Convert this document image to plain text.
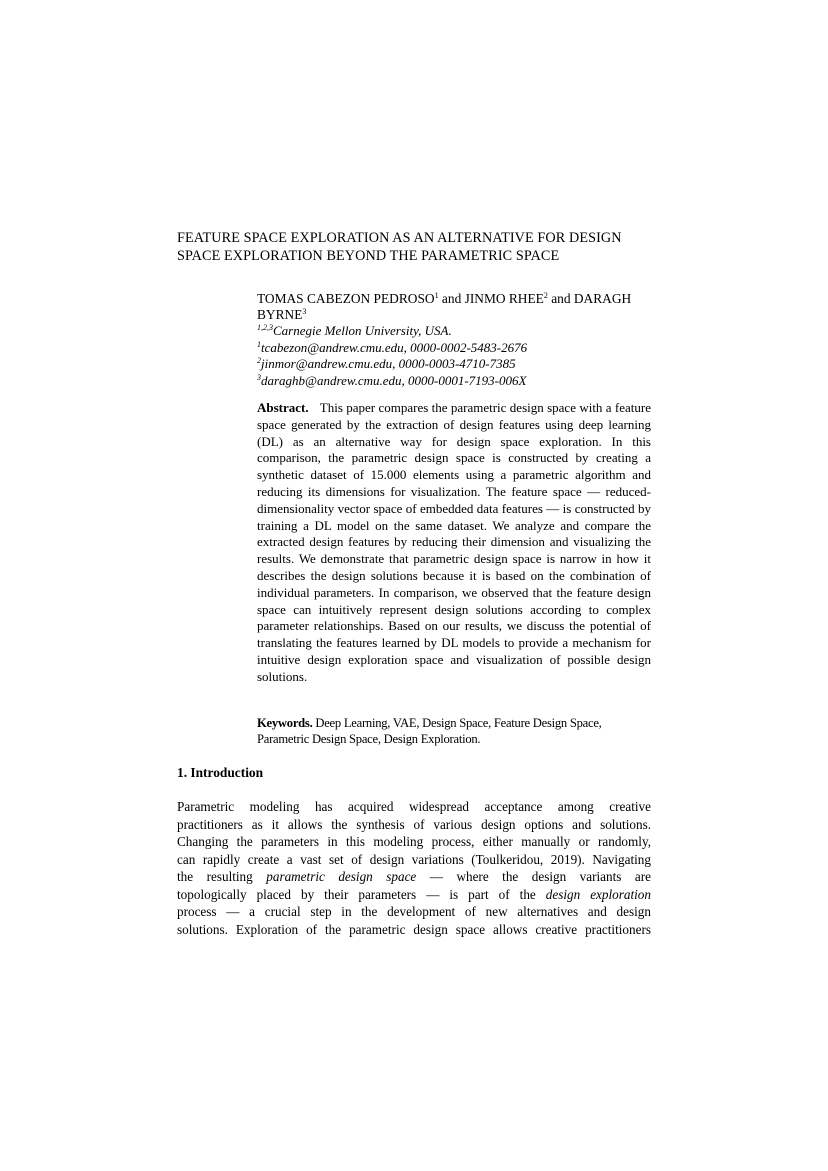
FEATURE SPACE EXPLORATION AS AN ALTERNATIVE FOR DESIGN
SPACE EXPLORATION BEYOND THE PARAMETRIC SPACE
TOMAS CABEZON PEDROSO$^1$ and JINMO RHEE$^2$ and DARAGH
BYRNE$^3$
$^{1,2,3}$Carnegie Mellon University, USA.
$^1$tcabezon@andrew.cmu.edu, 0000-0002-5483-2676
$^2$jinmor@andrew.cmu.edu, 0000-0003-4710-7385
$^3$daraghb@andrew.cmu.edu, 0000-0001-7193-006X
Abstract. This paper compares the parametric design space with a feature space generated by the extraction of design features using deep learning (DL) as an alternative way for design space exploration. In this comparison, the parametric design space is constructed by creating a synthetic dataset of 15.000 elements using a parametric algorithm and reducing its dimensions for visualization. The feature space — reduced-dimensionality vector space of embedded data features — is constructed by training a DL model on the same dataset. We analyze and compare the extracted design features by reducing their dimension and visualizing the results. We demonstrate that parametric design space is narrow in how it describes the design solutions because it is based on the combination of individual parameters. In comparison, we observed that the feature design space can intuitively represent design solutions according to complex parameter relationships. Based on our results, we discuss the potential of translating the features learned by DL models to provide a mechanism for intuitive design exploration space and visualization of possible design solutions.
Keywords. Deep Learning, VAE, Design Space, Feature Design Space,
Parametric Design Space, Design Exploration.
1. Introduction
Parametric modeling has acquired widespread acceptance among creative
practitioners as it allows the synthesis of various design options and solutions.
Changing the parameters in this modeling process, either manually or randomly,
can rapidly create a vast set of design variations (Toulkeridou, 2019). Navigating
the resulting parametric design space — where the design variants are
topologically placed by their parameters — is part of the design exploration
process — a crucial step in the development of new alternatives and design
solutions. Exploration of the parametric design space allows creative practitioners
